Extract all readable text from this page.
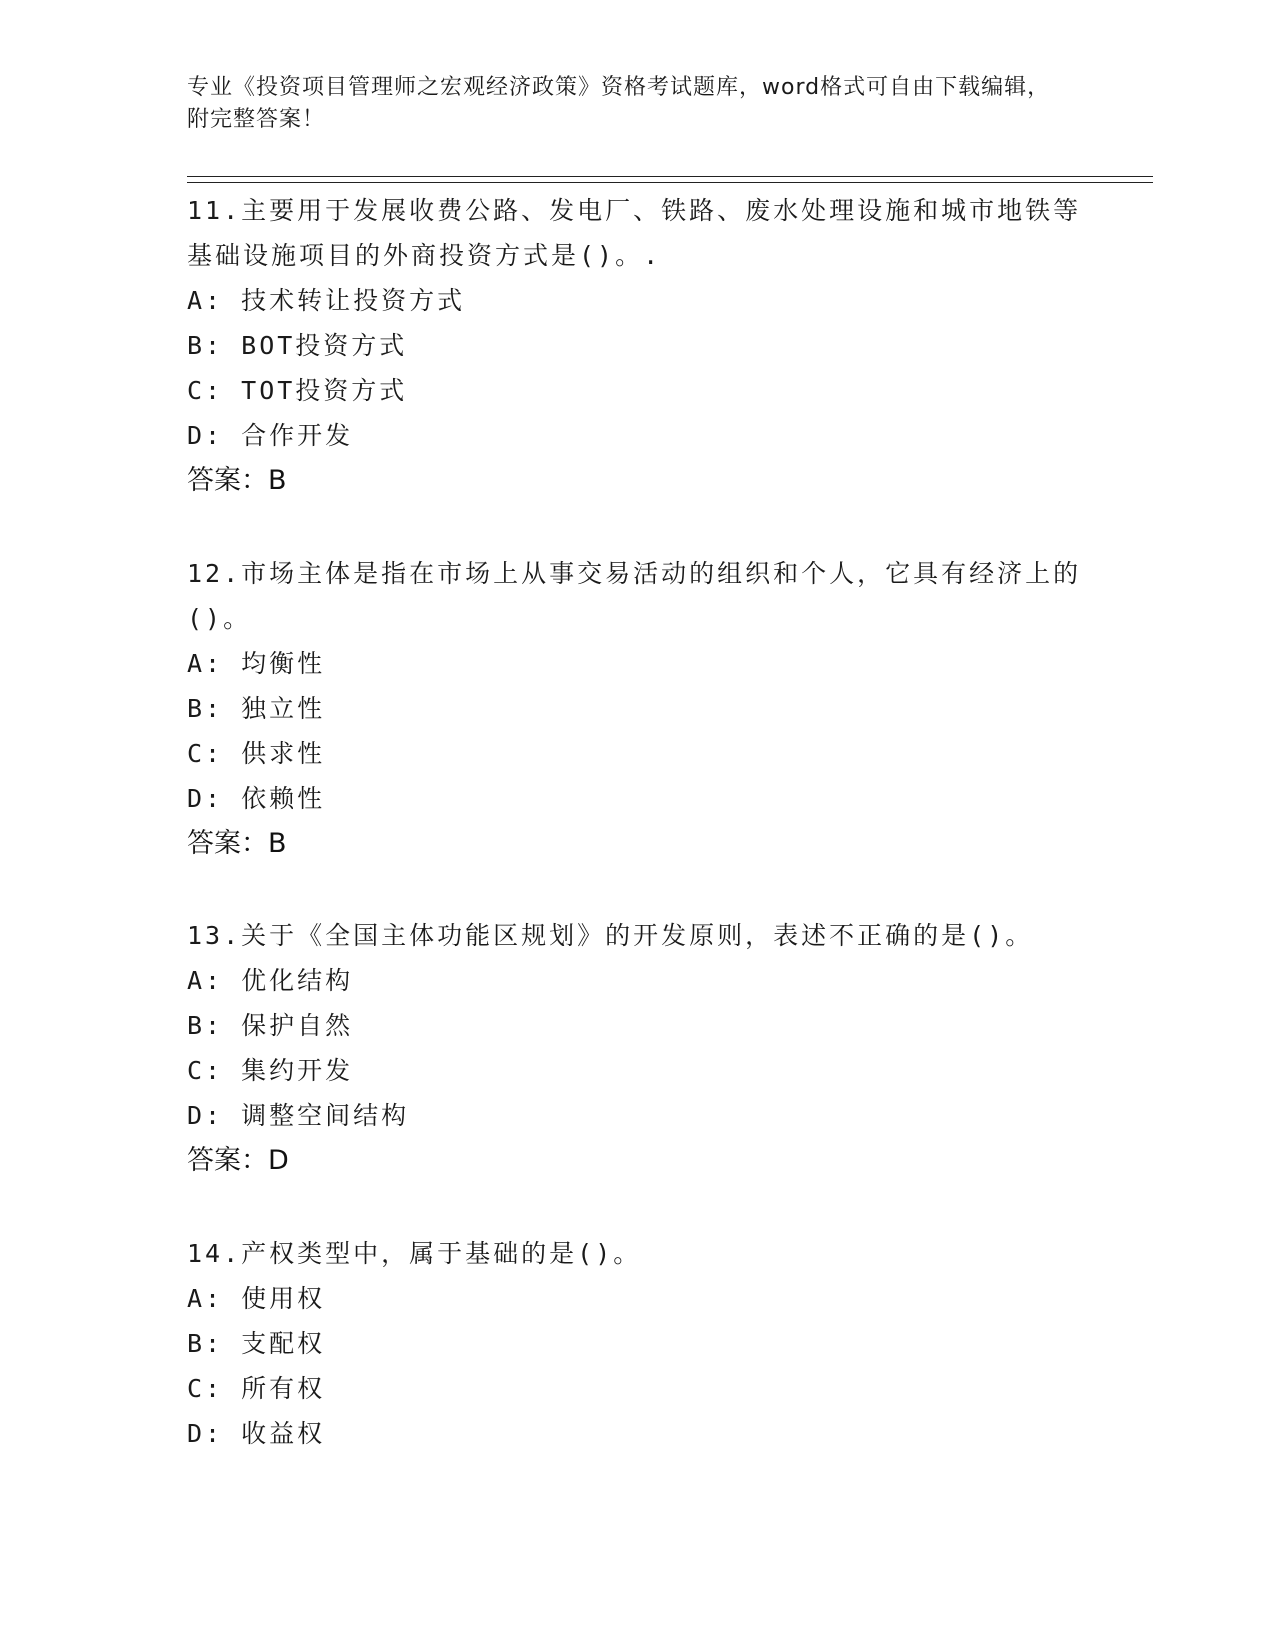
专业《投资项目管理师之宏观经济政策》资格考试题库，word格式可自由下载编辑，附完整答案！

11.主要用于发展收费公路、发电厂、铁路、废水处理设施和城市地铁等基础设施项目的外商投资方式是()。.

A: 技术转让投资方式

B: BOT投资方式

C: TOT投资方式

D: 合作开发

答案：B

12.市场主体是指在市场上从事交易活动的组织和个人，它具有经济上的()。

A: 均衡性

B: 独立性

C: 供求性

D: 依赖性

答案：B

13.关于《全国主体功能区规划》的开发原则，表述不正确的是()。

A: 优化结构

B: 保护自然

C: 集约开发

D: 调整空间结构

答案：D

14.产权类型中，属于基础的是()。

A: 使用权

B: 支配权

C: 所有权

D: 收益权
